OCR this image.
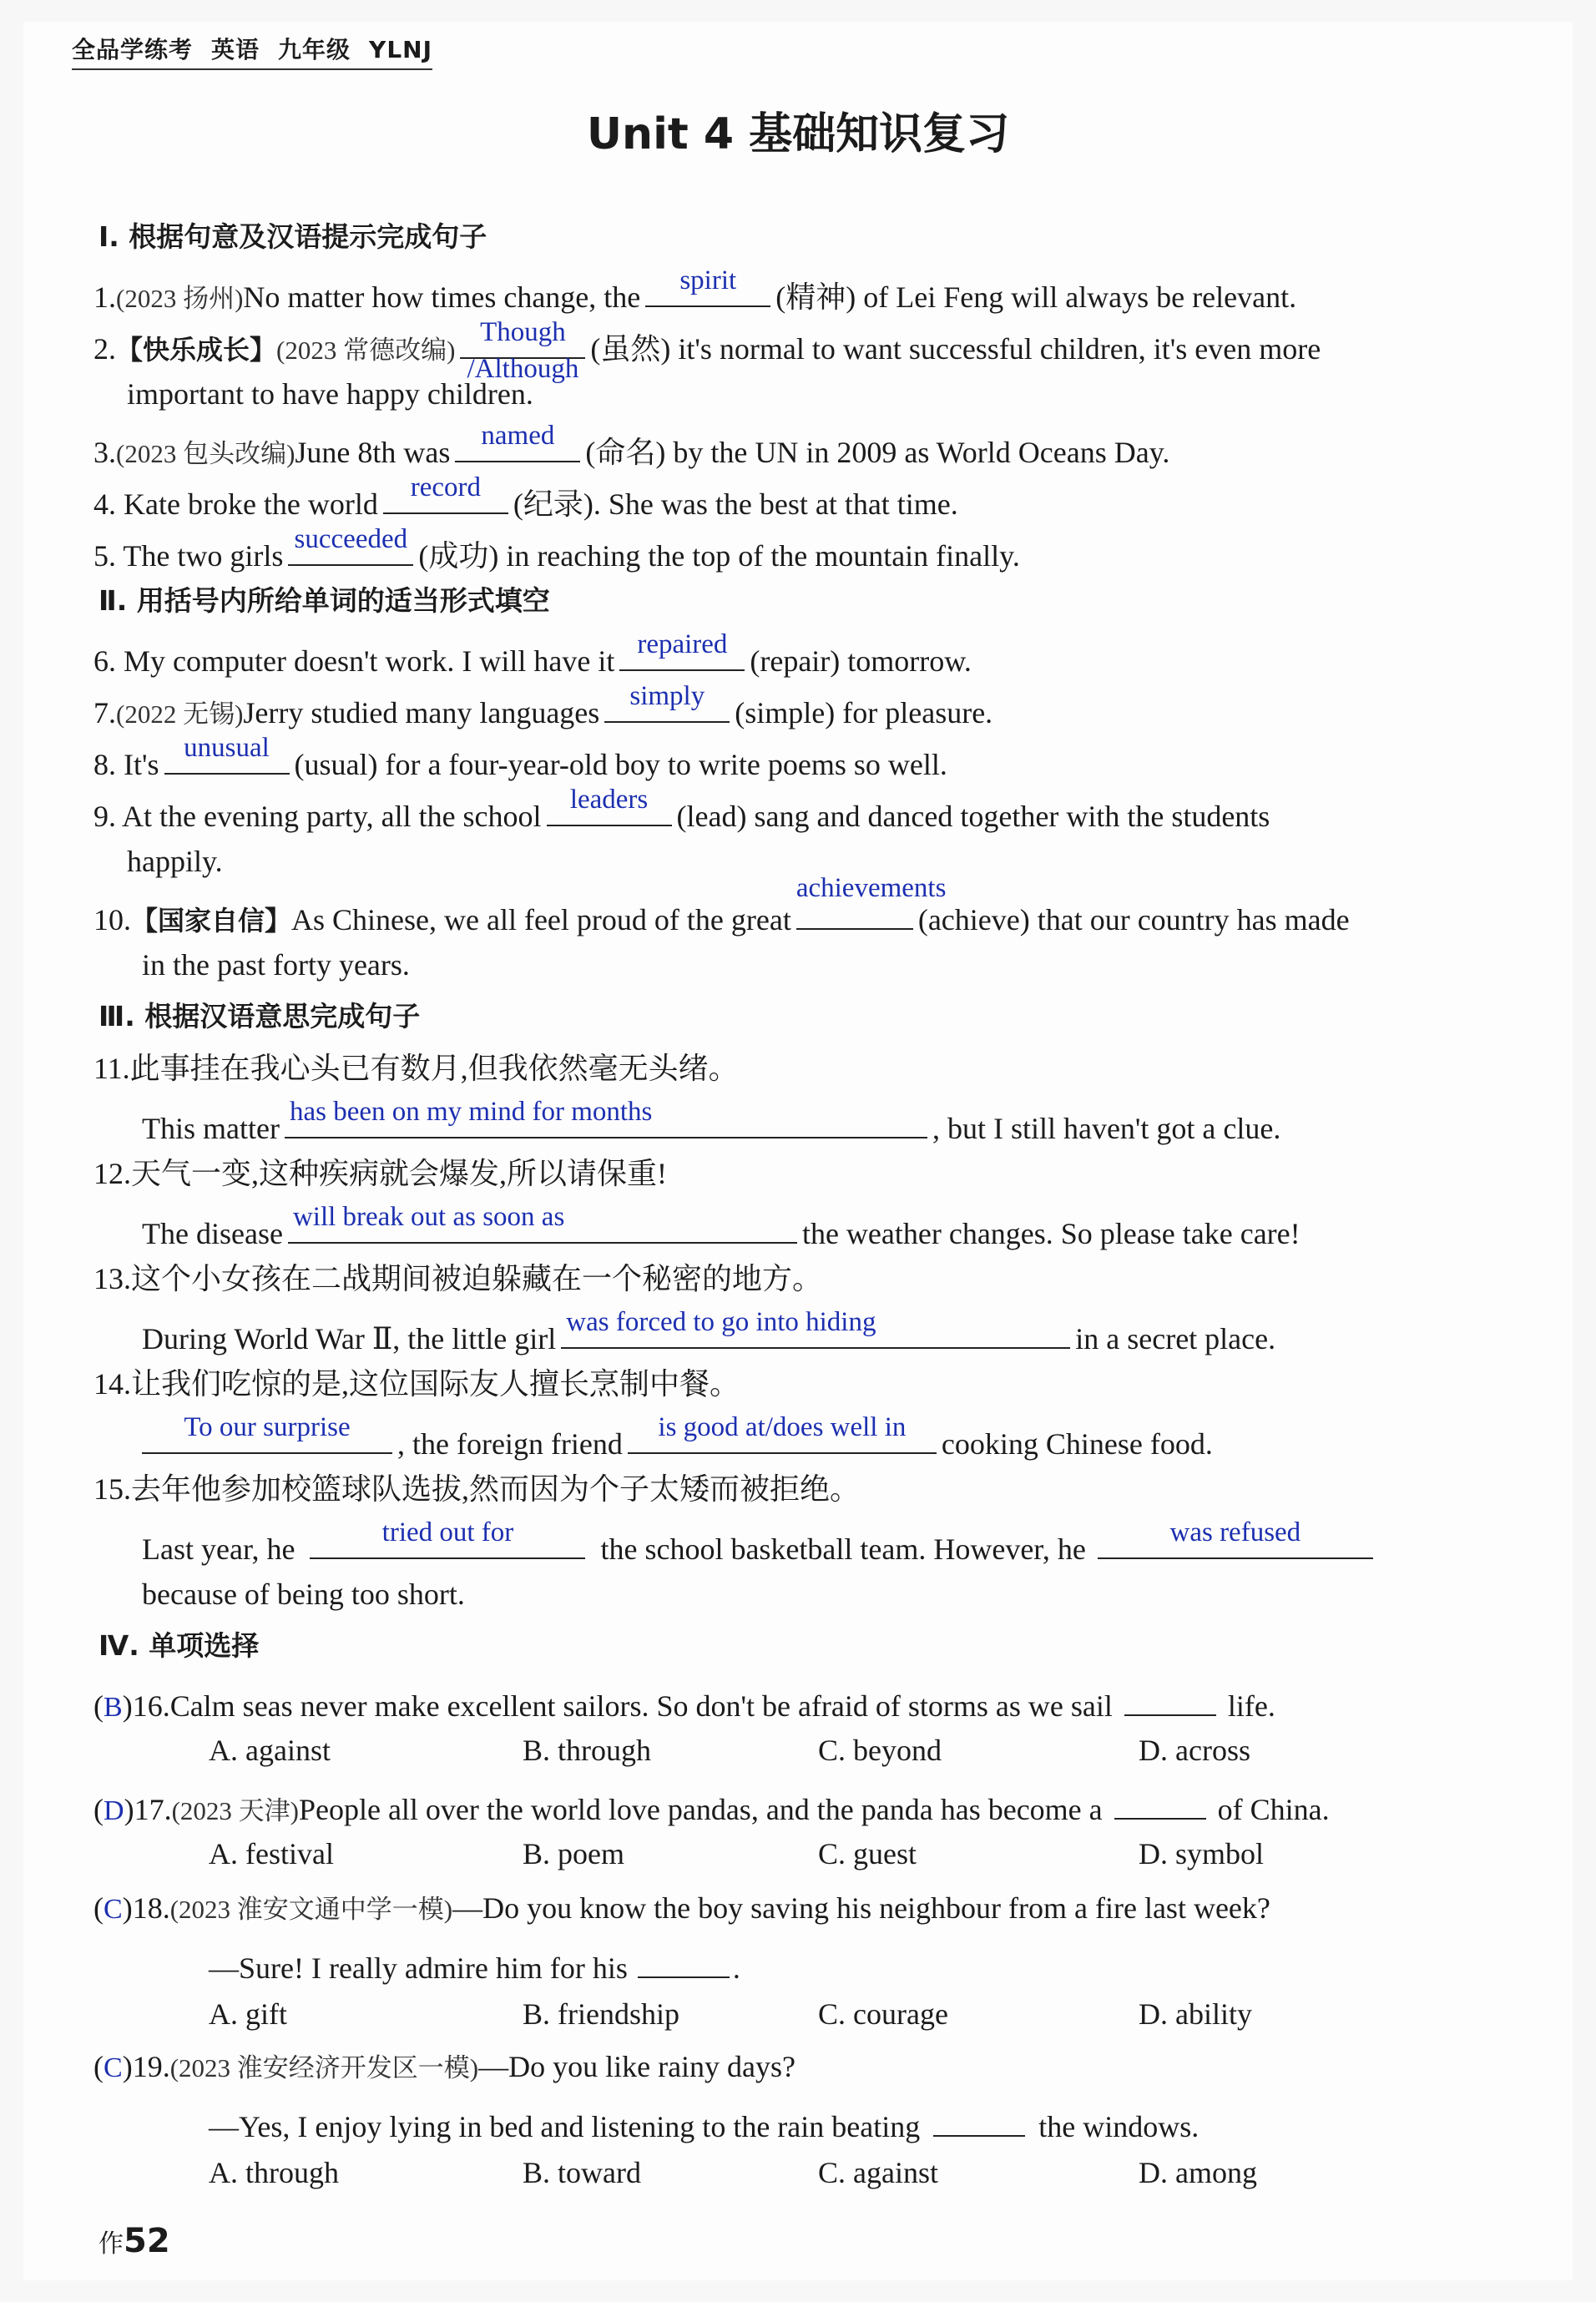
全品学练考 英语 九年级 YLNJ
Unit 4 基础知识复习
Ⅰ. 根据句意及汉语提示完成句子
1.(2023 扬州)No matter how times change, the	spirit	(精神) of Lei Feng will always be relevant.
2.【快乐成长】(2023 常德改编)
Though
/Although
(虽然) it's normal to want successful children, it's even more
important to have happy children.
3.(2023 包头改编)June 8th was	named	(命名) by the UN in 2009 as World Oceans Day.
4. Kate broke the world	record	(纪录). She was the best at that time.
5. The two girls succeeded (成功) in reaching the top of the mountain finally.
Ⅱ. 用括号内所给单词的适当形式填空
6. My computer doesn't work. I will have it repaired (repair) tomorrow.
7.(2022 无锡)Jerry studied many languages	simply	(simple) for pleasure.
8. It's unusual (usual) for a four-year-old boy to write poems so well.
9. At the evening party, all the school	leaders (lead) sang and danced together with the students
happily.
10.【国家自信】As Chinese, we all feel proud of the great
achievements
(achieve) that our country has made
in the past forty years.
Ⅲ. 根据汉语意思完成句子
11.此事挂在我心头已有数月,但我依然毫无头绪。
This matter has been on my mind for months	, but I still haven't got a clue.
12.天气一变,这种疾病就会爆发,所以请保重!
The disease will break out as soon as	the weather changes. So please take care!
13.这个小女孩在二战期间被迫躲藏在一个秘密的地方。
During World War Ⅱ, the little girl was forced to go into hiding	in a secret place.
14.让我们吃惊的是,这位国际友人擅长烹制中餐。
To our surprise	, the foreign friend	is good at/does well in	cooking Chinese food.
15.去年他参加校篮球队选拔,然而因为个子太矮而被拒绝。
Last year, he	tried out for	the school basketball team. However, he	was refused
because of being too short.
Ⅳ. 单项选择
(B)16.Calm seas never make excellent sailors. So don't be afraid of storms as we sail	life.
A. against	B. through	C. beyond	D. across
(D)17.(2023 天津)People all over the world love pandas, and the panda has become a	of China.
A. festival	B. poem	C. guest	D. symbol
(C)18.(2023 淮安文通中学一模)—Do you know the boy saving his neighbour from a fire last week?
—Sure! I really admire him for his	.
A. gift	B. friendship	C. courage	D. ability
(C)19.(2023 淮安经济开发区一模)—Do you like rainy days?
—Yes, I enjoy lying in bed and listening to the rain beating	the windows.
A. through	B. toward	C. against	D. among
作52
